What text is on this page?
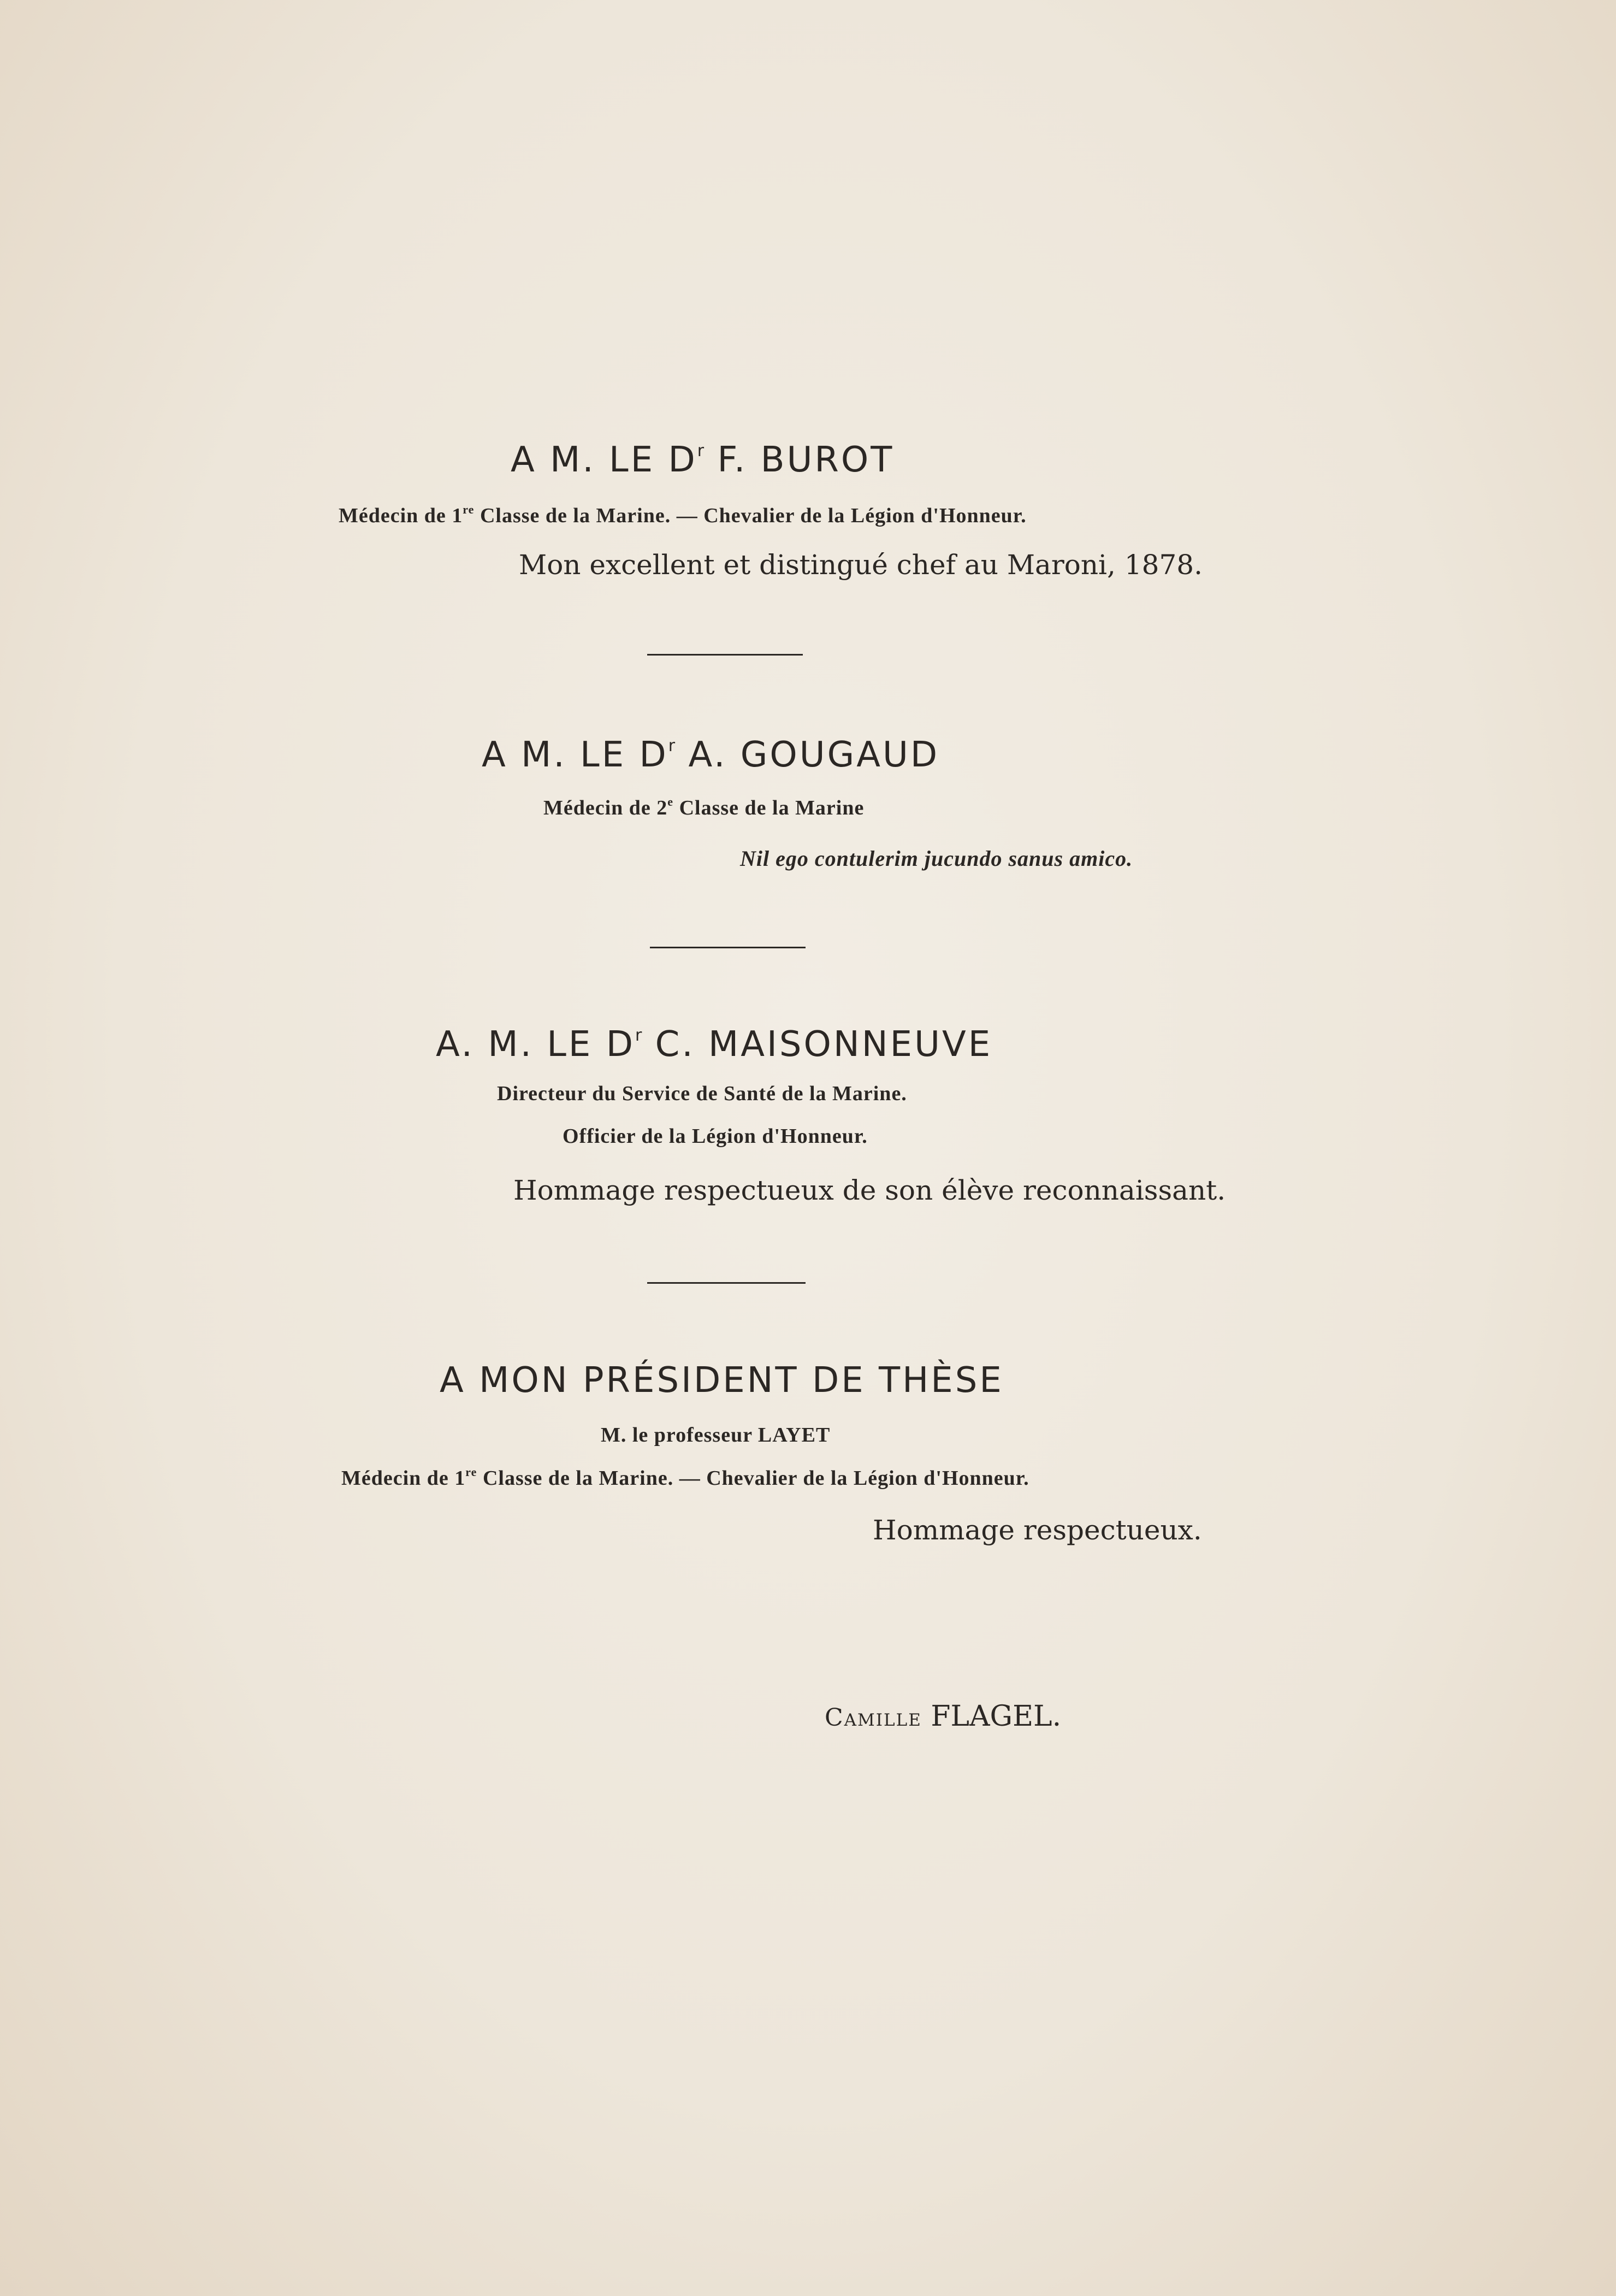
A M. LE $D^r$ F. BUROT
Médecin de 1re Classe de la Marine. — Chevalier de la Légion d'Honneur.
Mon excellent et distingué chef au Maroni, 1878.
A M. LE $D^r$ A. GOUGAUD
Médecin de 2e Classe de la Marine
Nil ego contulerim jucundo sanus amico.
A. M. LE $D^r$ C. MAISONNEUVE
Directeur du Service de Santé de la Marine.
Officier de la Légion d'Honneur.
Hommage respectueux de son élève reconnaissant.
A MON PRÉSIDENT DE THÈSE
M. le professeur LAYET
Médecin de 1re Classe de la Marine. — Chevalier de la Légion d'Honneur.
Hommage respectueux.
Camille FLAGEL.
